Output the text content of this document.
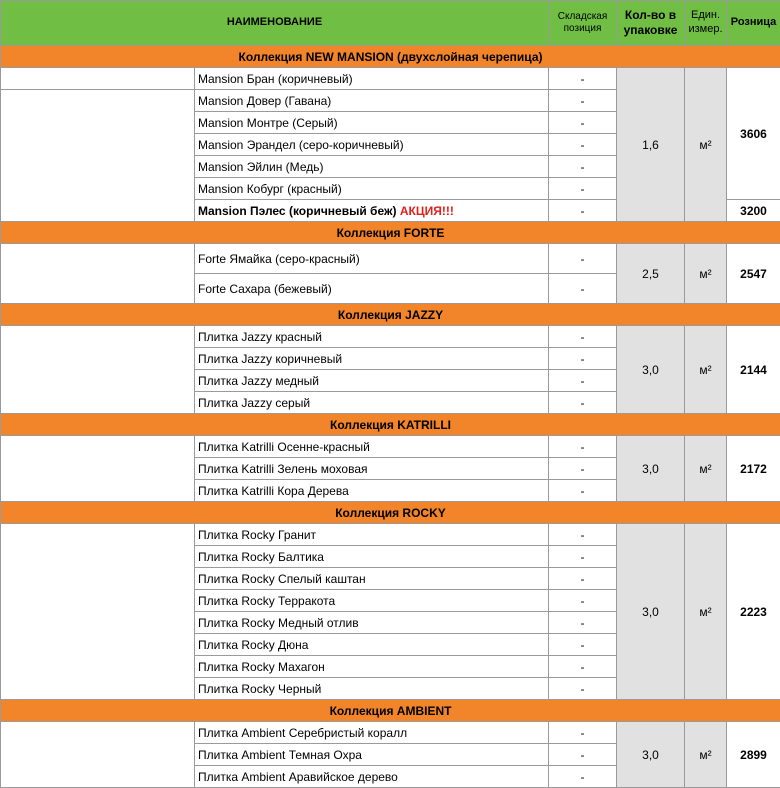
НАИМЕНОВАНИЕ		Складская позиция	Кол-во в упаковке	Един. измер.	Розница
Коллекция NEW MANSION (двухслойная черепица)					
	Mansion Бран (коричневый)	-	1,6	м²	3606
	Mansion Довер (Гавана)	-			
	Mansion Монтре (Серый)	-			
	Mansion Эрандел (серо-коричневый)	-			
	Mansion Эйлин (Медь)	-			
	Mansion Кобург (красный)	-			
	Mansion Пэлес (коричневый беж) АКЦИЯ!!!	-			3200
Коллекция FORTE					
	Forte Ямайка (серо-красный)	-	2,5	м²	2547
	Forte Сахара (бежевый)	-			
Коллекция JAZZY					
	Плитка Jazzy красный	-	3,0	м²	2144
	Плитка Jazzy коричневый	-			
	Плитка Jazzy медный	-			
	Плитка Jazzy серый	-			
Коллекция KATRILLI					
	Плитка Katrilli Осенне-красный	-	3,0	м²	2172
	Плитка Katrilli Зелень моховая	-			
	Плитка Katrilli Кора Дерева	-			
Коллекция ROCKY					
	Плитка Rocky Гранит	-	3,0	м²	2223
	Плитка Rocky Балтика	-			
	Плитка Rocky Спелый каштан	-			
	Плитка Rocky Терракота	-			
	Плитка Rocky Медный отлив	-			
	Плитка Rocky Дюна	-			
	Плитка Rocky Махагон	-			
	Плитка Rocky Черный	-			
Коллекция AMBIENT					
	Плитка Ambient Серебристый коралл	-	3,0	м²	2899
	Плитка Ambient Темная Охра	-			
	Плитка Ambient Аравийское дерево	-			
